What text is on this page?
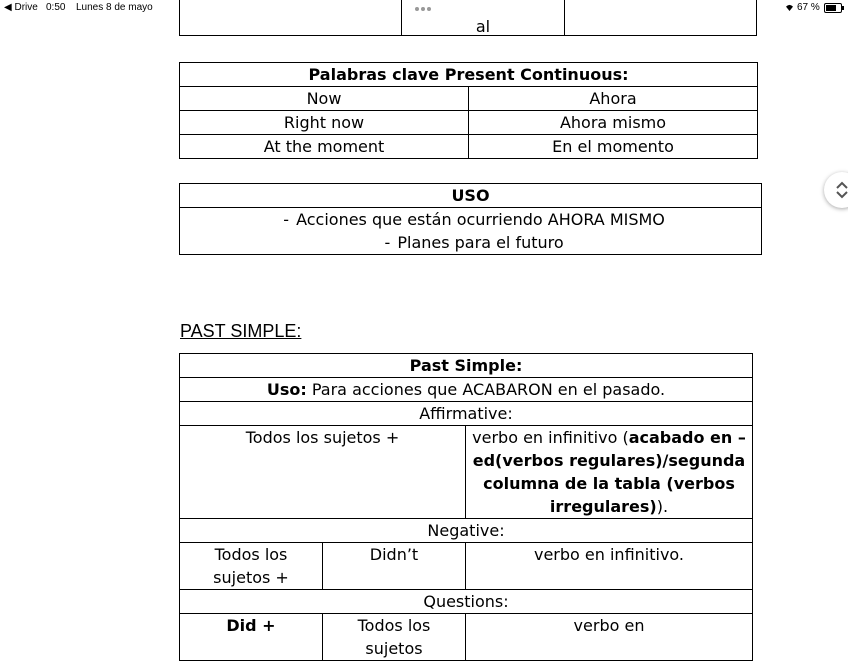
◀ Drive 0:50 Lunes 8 de mayo	67 %
	al	
Palabras clave Present Continuous:	
Now	Ahora
Right now	Ahora mismo
At the moment	En el momento
USO

- Acciones que están ocurriendo AHORA MISMO
- Planes para el futuro
PAST SIMPLE:
Past Simple:		
Uso: Para acciones que ACABARON en el pasado.		
Affirmative:		
Todos los sujetos +		verbo en infinitivo (acabado en –ed(verbos regulares)/segunda columna de la tabla (verbos irregulares)).
Negative:		
Todos los sujetos +	Didn’t	verbo en infinitivo.
Questions:		
Did +	Todos los sujetos	verbo en
